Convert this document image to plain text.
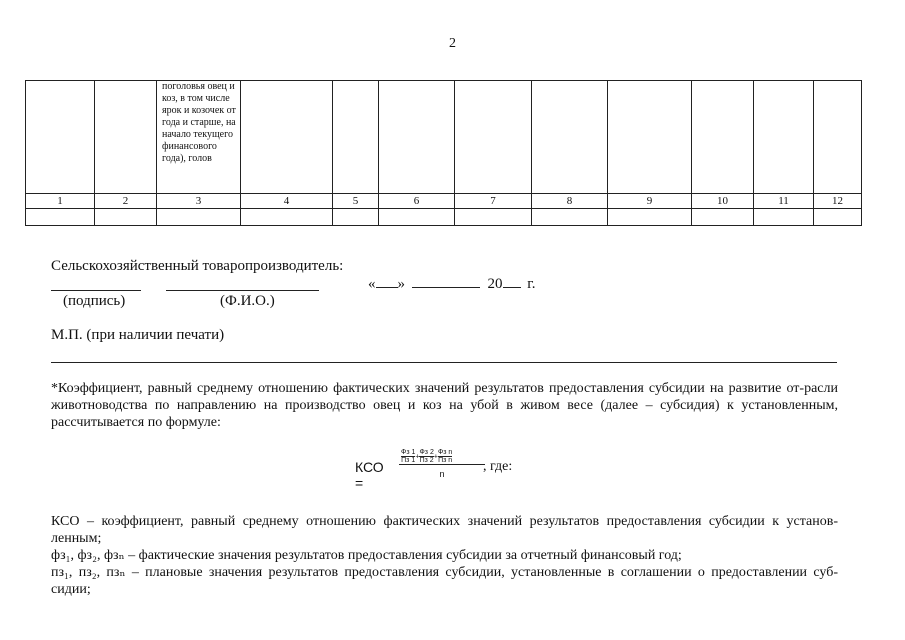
2

		поголовья овец и коз, в том числе ярок и козочек от года и старше, на начало текущего финансового года), голов									

1	2	3	4	5	6	7	8	9	10	11	12

Сельскохозяйственный товаропроизводитель:
(подпись)	(Ф.И.О.)
« »	20 г.
М.П. (при наличии печати)
*Коэффициент, равный среднему отношению фактических значений результатов предоставления субсидии на развитие от-расли животноводства по направлению на производство овец и коз на убой в живом весе (далее – субсидия) к установленным, рассчитывается по формуле:
КСО =
Фз 1
Пз 1
+
Фз 2
Пз 2
+
Фз n
Пз n
n	, где:

КСО – коэффициент, равный среднему отношению фактических значений результатов предоставления субсидии к установ-ленным;

фз₁, фз₂, фзₙ – фактические значения результатов предоставления субсидии за отчетный финансовый год;

пз₁, пз₂, пзₙ – плановые значения результатов предоставления субсидии, установленные в соглашении о предоставлении суб-сидии;
